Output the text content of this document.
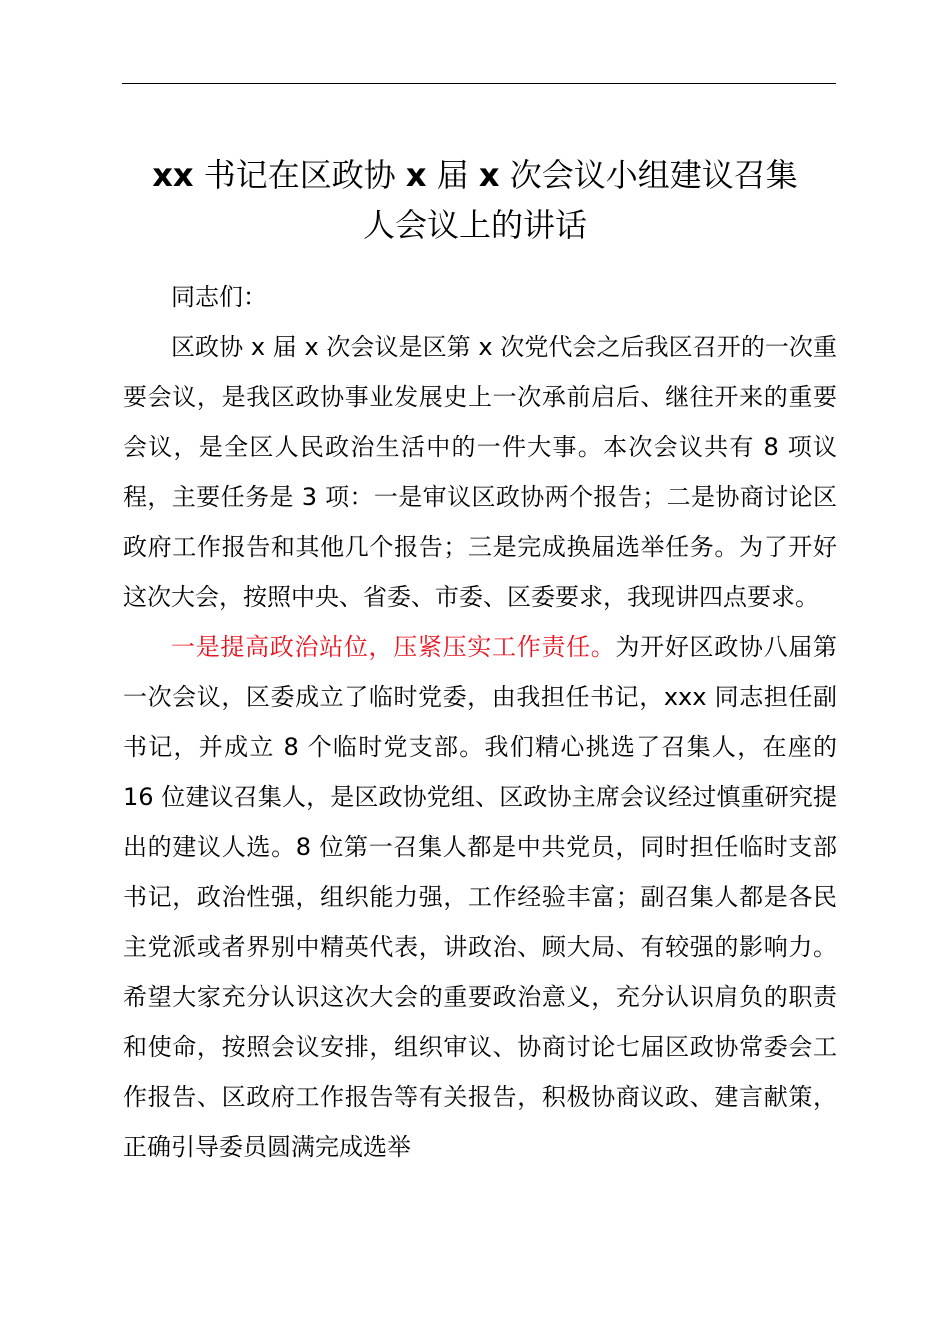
xx 书记在区政协 x 届 x 次会议小组建议召集
人会议上的讲话
同志们：

区政协 x 届 x 次会议是区第 x 次党代会之后我区召开的一次重要会议，是我区政协事业发展史上一次承前启后、继往开来的重要会议，是全区人民政治生活中的一件大事。本次会议共有 8 项议程，主要任务是 3 项：一是审议区政协两个报告；二是协商讨论区政府工作报告和其他几个报告；三是完成换届选举任务。为了开好这次大会，按照中央、省委、市委、区委要求，我现讲四点要求。

一是提高政治站位，压紧压实工作责任。为开好区政协八届第一次会议，区委成立了临时党委，由我担任书记，xxx 同志担任副书记，并成立 8 个临时党支部。我们精心挑选了召集人，在座的 16 位建议召集人，是区政协党组、区政协主席会议经过慎重研究提出的建议人选。8 位第一召集人都是中共党员，同时担任临时支部书记，政治性强，组织能力强，工作经验丰富；副召集人都是各民主党派或者界别中精英代表，讲政治、顾大局、有较强的影响力。希望大家充分认识这次大会的重要政治意义，充分认识肩负的职责和使命，按照会议安排，组织审议、协商讨论七届区政协常委会工作报告、区政府工作报告等有关报告，积极协商议政、建言献策，正确引导委员圆满完成选举
